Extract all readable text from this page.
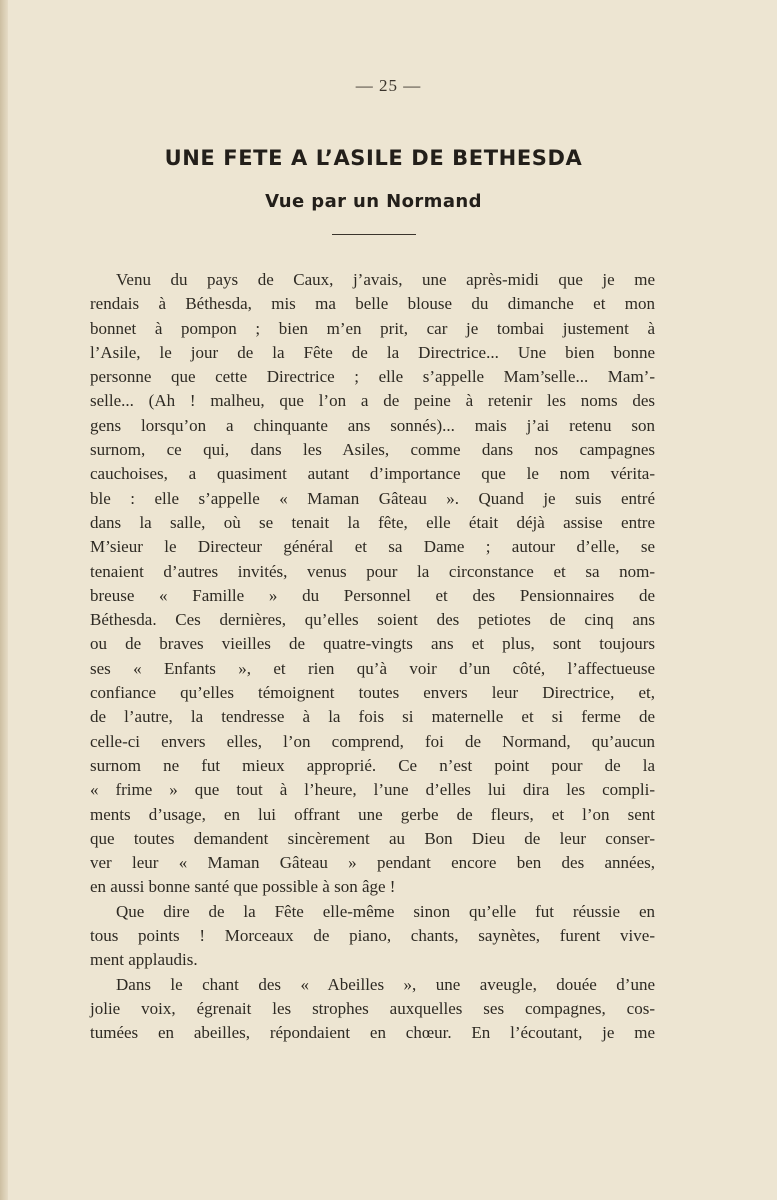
— 25 —
UNE FETE A L’ASILE DE BETHESDA
Vue par un Normand

Venu du pays de Caux, j’avais, une après-midi que je me
rendais à Béthesda, mis ma belle blouse du dimanche et mon
bonnet à pompon ; bien m’en prit, car je tombai justement à
l’Asile, le jour de la Fête de la Directrice... Une bien bonne
personne que cette Directrice ; elle s’appelle Mam’selle... Mam’-
selle... (Ah ! malheu, que l’on a de peine à retenir les noms des
gens lorsqu’on a chinquante ans sonnés)... mais j’ai retenu son
surnom, ce qui, dans les Asiles, comme dans nos campagnes
cauchoises, a quasiment autant d’importance que le nom vérita-
ble : elle s’appelle « Maman Gâteau ». Quand je suis entré
dans la salle, où se tenait la fête, elle était déjà assise entre
M’sieur le Directeur général et sa Dame ; autour d’elle, se
tenaient d’autres invités, venus pour la circonstance et sa nom-
breuse « Famille » du Personnel et des Pensionnaires de
Béthesda. Ces dernières, qu’elles soient des petiotes de cinq ans
ou de braves vieilles de quatre-vingts ans et plus, sont toujours
ses « Enfants », et rien qu’à voir d’un côté, l’affectueuse
confiance qu’elles témoignent toutes envers leur Directrice, et,
de l’autre, la tendresse à la fois si maternelle et si ferme de
celle-ci envers elles, l’on comprend, foi de Normand, qu’aucun
surnom ne fut mieux approprié. Ce n’est point pour de la
« frime » que tout à l’heure, l’une d’elles lui dira les compli-
ments d’usage, en lui offrant une gerbe de fleurs, et l’on sent
que toutes demandent sincèrement au Bon Dieu de leur conser-
ver leur « Maman Gâteau » pendant encore ben des années,
en aussi bonne santé que possible à son âge !

Que dire de la Fête elle-même sinon qu’elle fut réussie en
tous points ! Morceaux de piano, chants, saynètes, furent vive-
ment applaudis.

Dans le chant des « Abeilles », une aveugle, douée d’une
jolie voix, égrenait les strophes auxquelles ses compagnes, cos-
tumées en abeilles, répondaient en chœur. En l’écoutant, je me
